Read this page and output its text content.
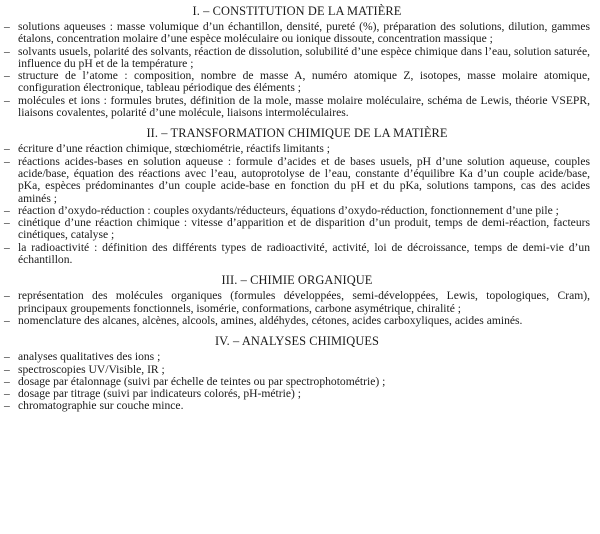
I. – CONSTITUTION DE LA MATIÈRE
– solutions aqueuses : masse volumique d’un échantillon, densité, pureté (%), préparation des solutions, dilution, gammes étalons, concentration molaire d’une espèce moléculaire ou ionique dissoute, concentration massique ;
– solvants usuels, polarité des solvants, réaction de dissolution, solubilité d’une espèce chimique dans l’eau, solution saturée, influence du pH et de la température ;
– structure de l’atome : composition, nombre de masse A, numéro atomique Z, isotopes, masse molaire atomique, configuration électronique, tableau périodique des éléments ;
– molécules et ions : formules brutes, définition de la mole, masse molaire moléculaire, schéma de Lewis, théorie VSEPR, liaisons covalentes, polarité d’une molécule, liaisons intermoléculaires.
II. – TRANSFORMATION CHIMIQUE DE LA MATIÈRE
– écriture d’une réaction chimique, stœchiométrie, réactifs limitants ;
– réactions acides-bases en solution aqueuse : formule d’acides et de bases usuels, pH d’une solution aqueuse, couples acide/base, équation des réactions avec l’eau, autoprotolyse de l’eau, constante d’équilibre Ka d’un couple acide/base, pKa, espèces prédominantes d’un couple acide-base en fonction du pH et du pKa, solutions tampons, cas des acides aminés ;
– réaction d’oxydo-réduction : couples oxydants/réducteurs, équations d’oxydo-réduction, fonctionnement d’une pile ;
– cinétique d’une réaction chimique : vitesse d’apparition et de disparition d’un produit, temps de demi-réaction, facteurs cinétiques, catalyse ;
– la radioactivité : définition des différents types de radioactivité, activité, loi de décroissance, temps de demi-vie d’un échantillon.
III. – CHIMIE ORGANIQUE
– représentation des molécules organiques (formules développées, semi-développées, Lewis, topologiques, Cram), principaux groupements fonctionnels, isomérie, conformations, carbone asymétrique, chiralité ;
– nomenclature des alcanes, alcènes, alcools, amines, aldéhydes, cétones, acides carboxyliques, acides aminés.
IV. – ANALYSES CHIMIQUES
– analyses qualitatives des ions ;
– spectroscopies UV/Visible, IR ;
– dosage par étalonnage (suivi par échelle de teintes ou par spectrophotométrie) ;
– dosage par titrage (suivi par indicateurs colorés, pH-métrie) ;
– chromatographie sur couche mince.
